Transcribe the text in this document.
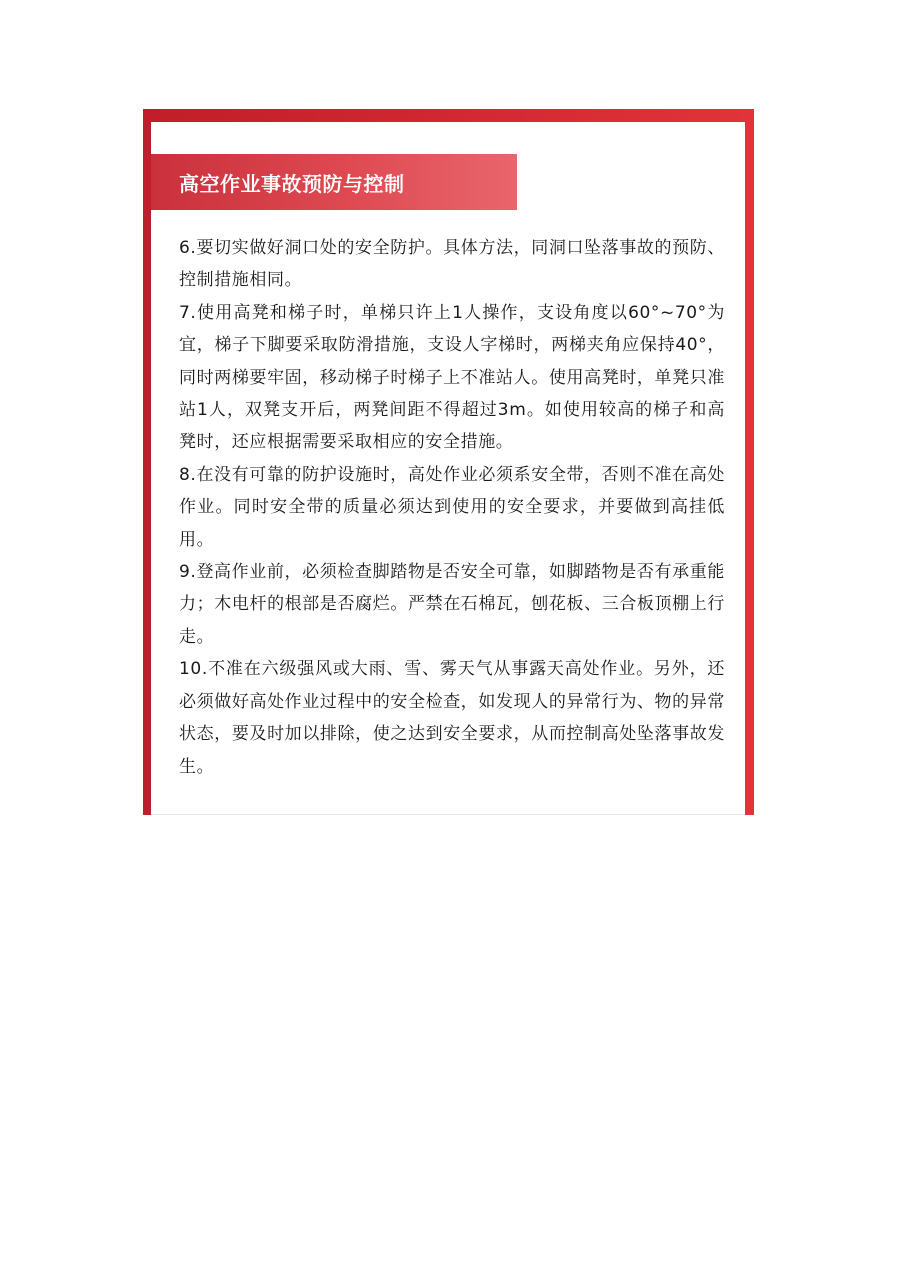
高空作业事故预防与控制

6.要切实做好洞口处的安全防护。具体方法，同洞口坠落事故的预防、控制措施相同。

7.使用高凳和梯子时，单梯只许上1人操作，支设角度以60°~70°为宜，梯子下脚要采取防滑措施，支设人字梯时，两梯夹角应保持40°，同时两梯要牢固，移动梯子时梯子上不准站人。使用高凳时，单凳只准站1人，双凳支开后，两凳间距不得超过3m。如使用较高的梯子和高凳时，还应根据需要采取相应的安全措施。

8.在没有可靠的防护设施时，高处作业必须系安全带，否则不准在高处作业。同时安全带的质量必须达到使用的安全要求，并要做到高挂低用。

9.登高作业前，必须检查脚踏物是否安全可靠，如脚踏物是否有承重能力；木电杆的根部是否腐烂。严禁在石棉瓦，刨花板、三合板顶棚上行走。

10.不准在六级强风或大雨、雪、雾天气从事露天高处作业。另外，还必须做好高处作业过程中的安全检查，如发现人的异常行为、物的异常状态，要及时加以排除，使之达到安全要求，从而控制高处坠落事故发生。
